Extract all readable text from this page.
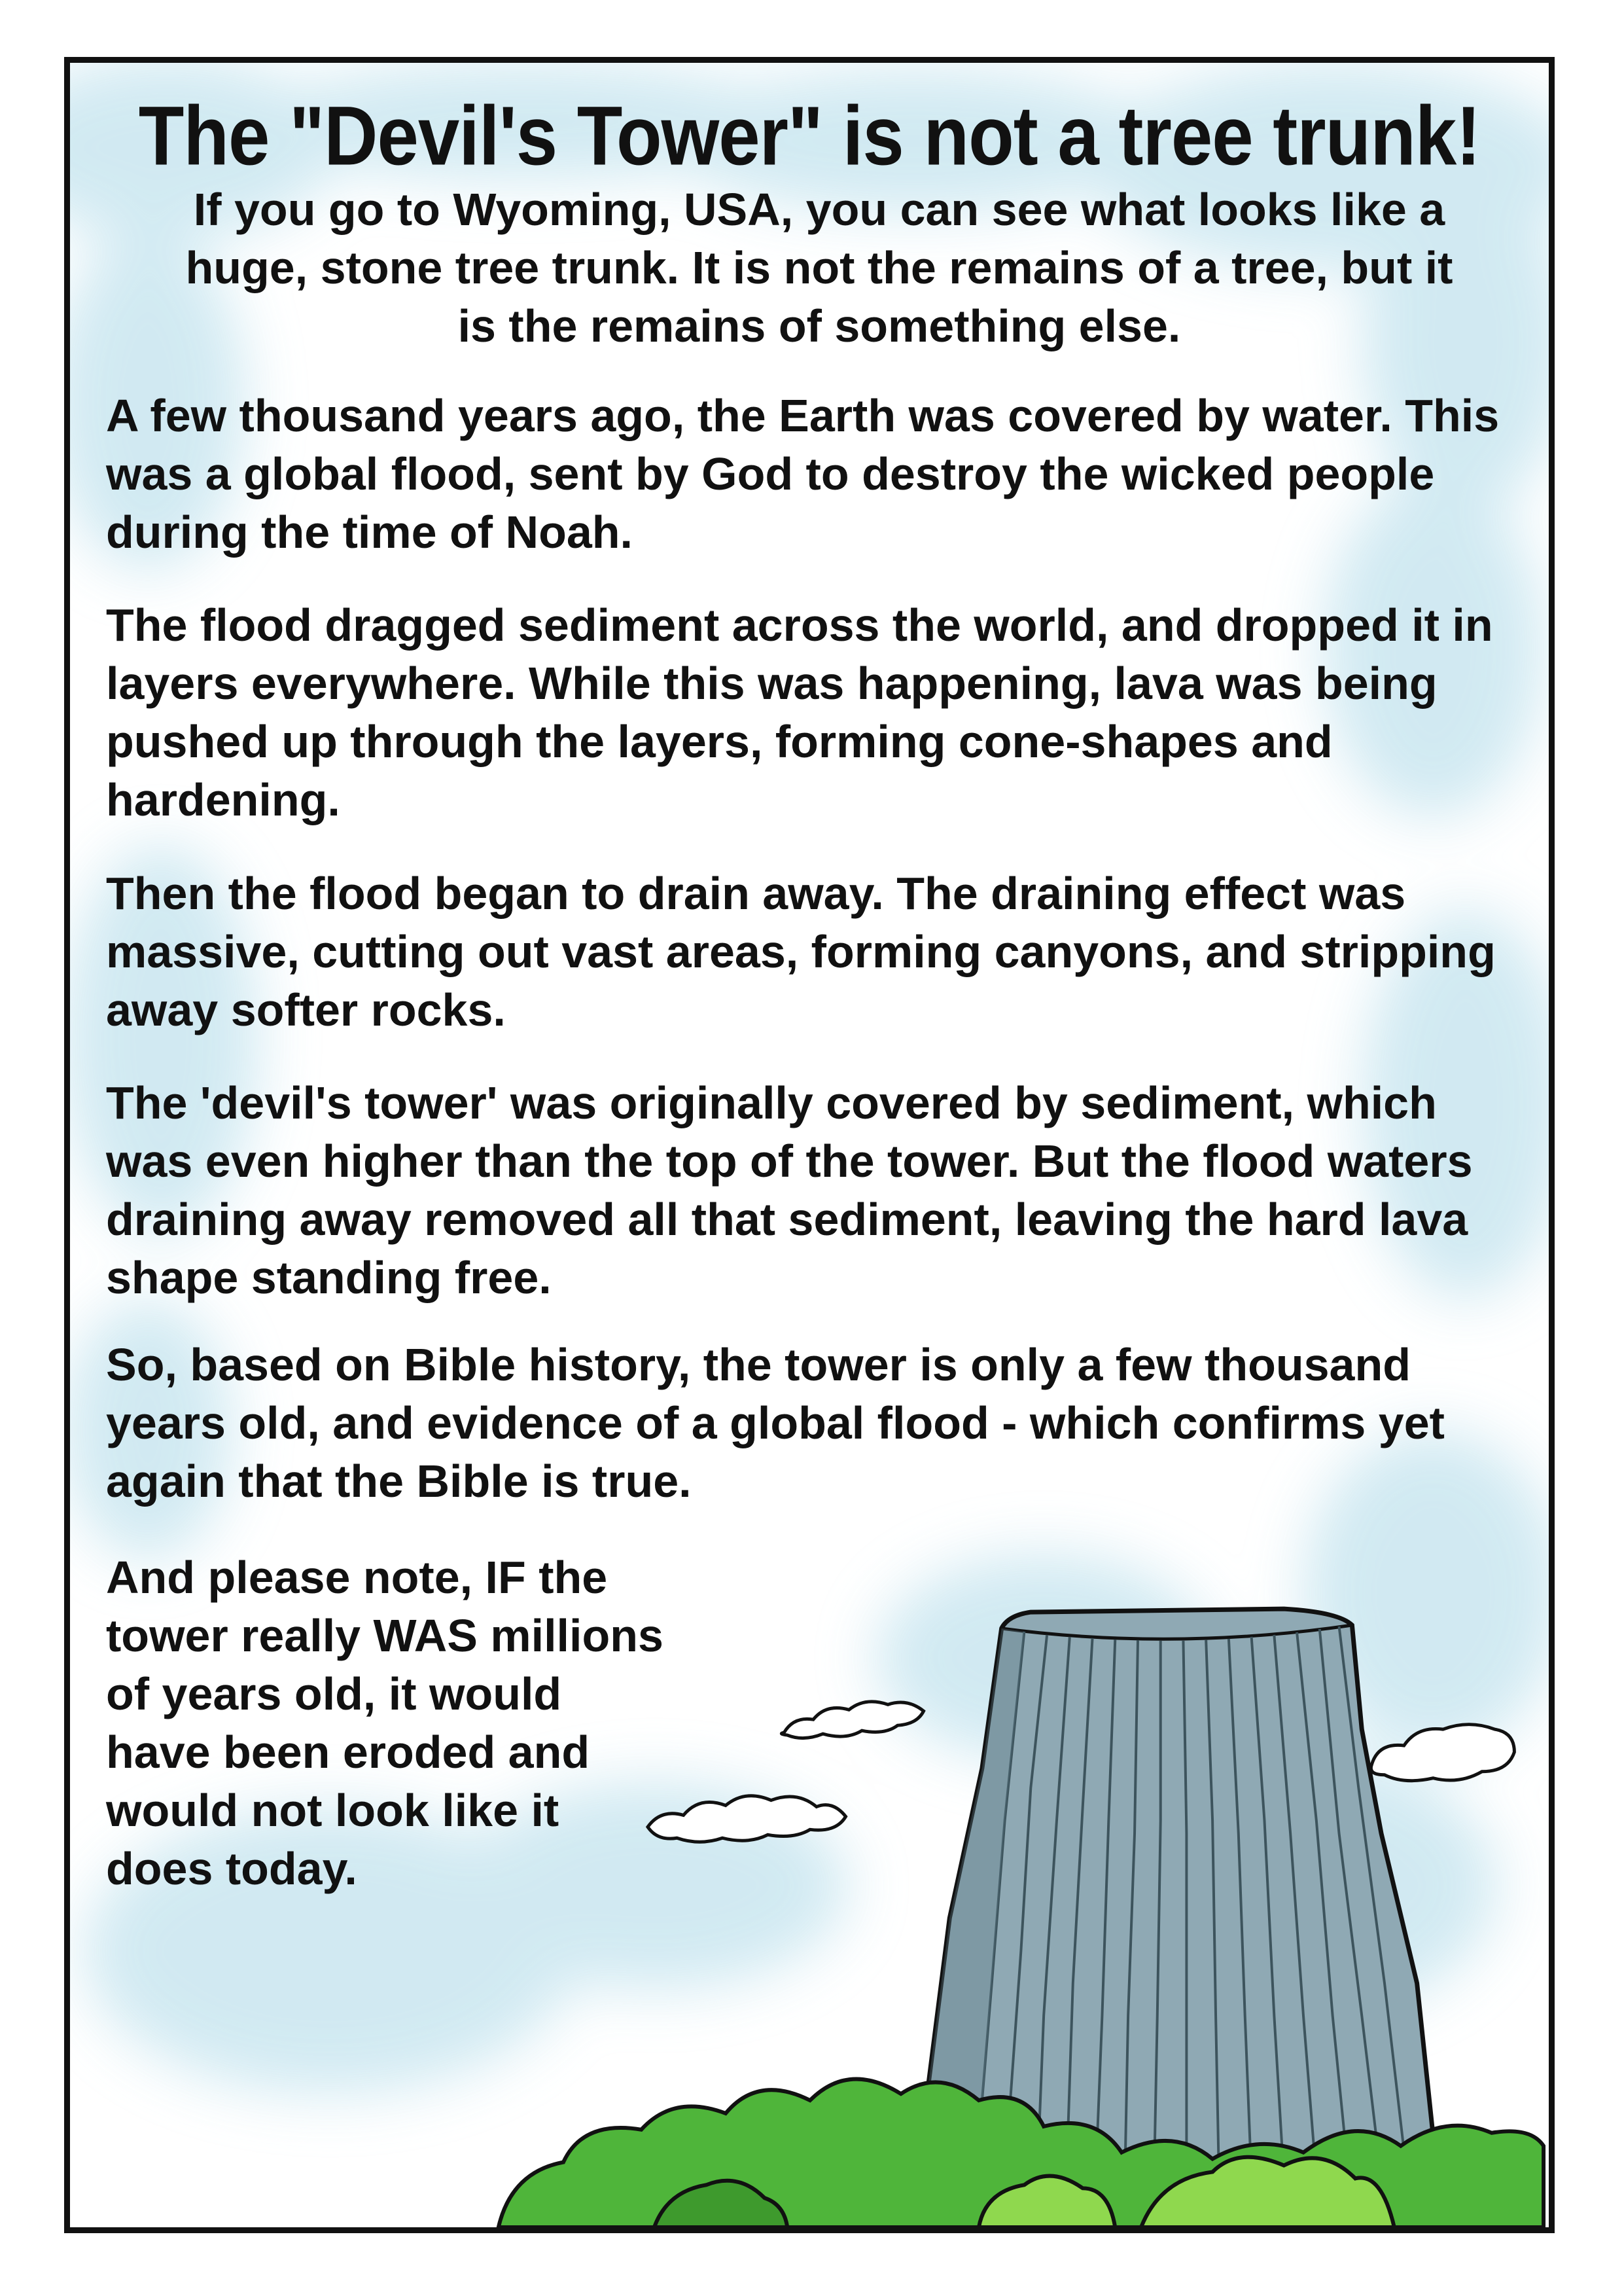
The "Devil's Tower" is not a tree trunk!
If you go to Wyoming, USA, you can see what looks like a huge, stone tree trunk. It is not the remains of a tree, but it is the remains of something else.
A few thousand years ago, the Earth was covered by water. This was a global flood, sent by God to destroy the wicked people during the time of Noah.
The flood dragged sediment across the world, and dropped it in layers everywhere. While this was happening, lava was being pushed up through the layers, forming cone-shapes and hardening.
Then the flood began to drain away. The draining effect was massive, cutting out vast areas, forming canyons, and stripping away softer rocks.
The 'devil's tower' was originally covered by sediment, which was even higher than the top of the tower. But the flood waters draining away removed all that sediment, leaving the hard lava shape standing free.
So, based on Bible history, the tower is only a few thousand years old, and evidence of a global flood - which confirms yet again that the Bible is true.
And please note, IF the tower really WAS millions of years old, it would have been eroded and would not look like it does today.
